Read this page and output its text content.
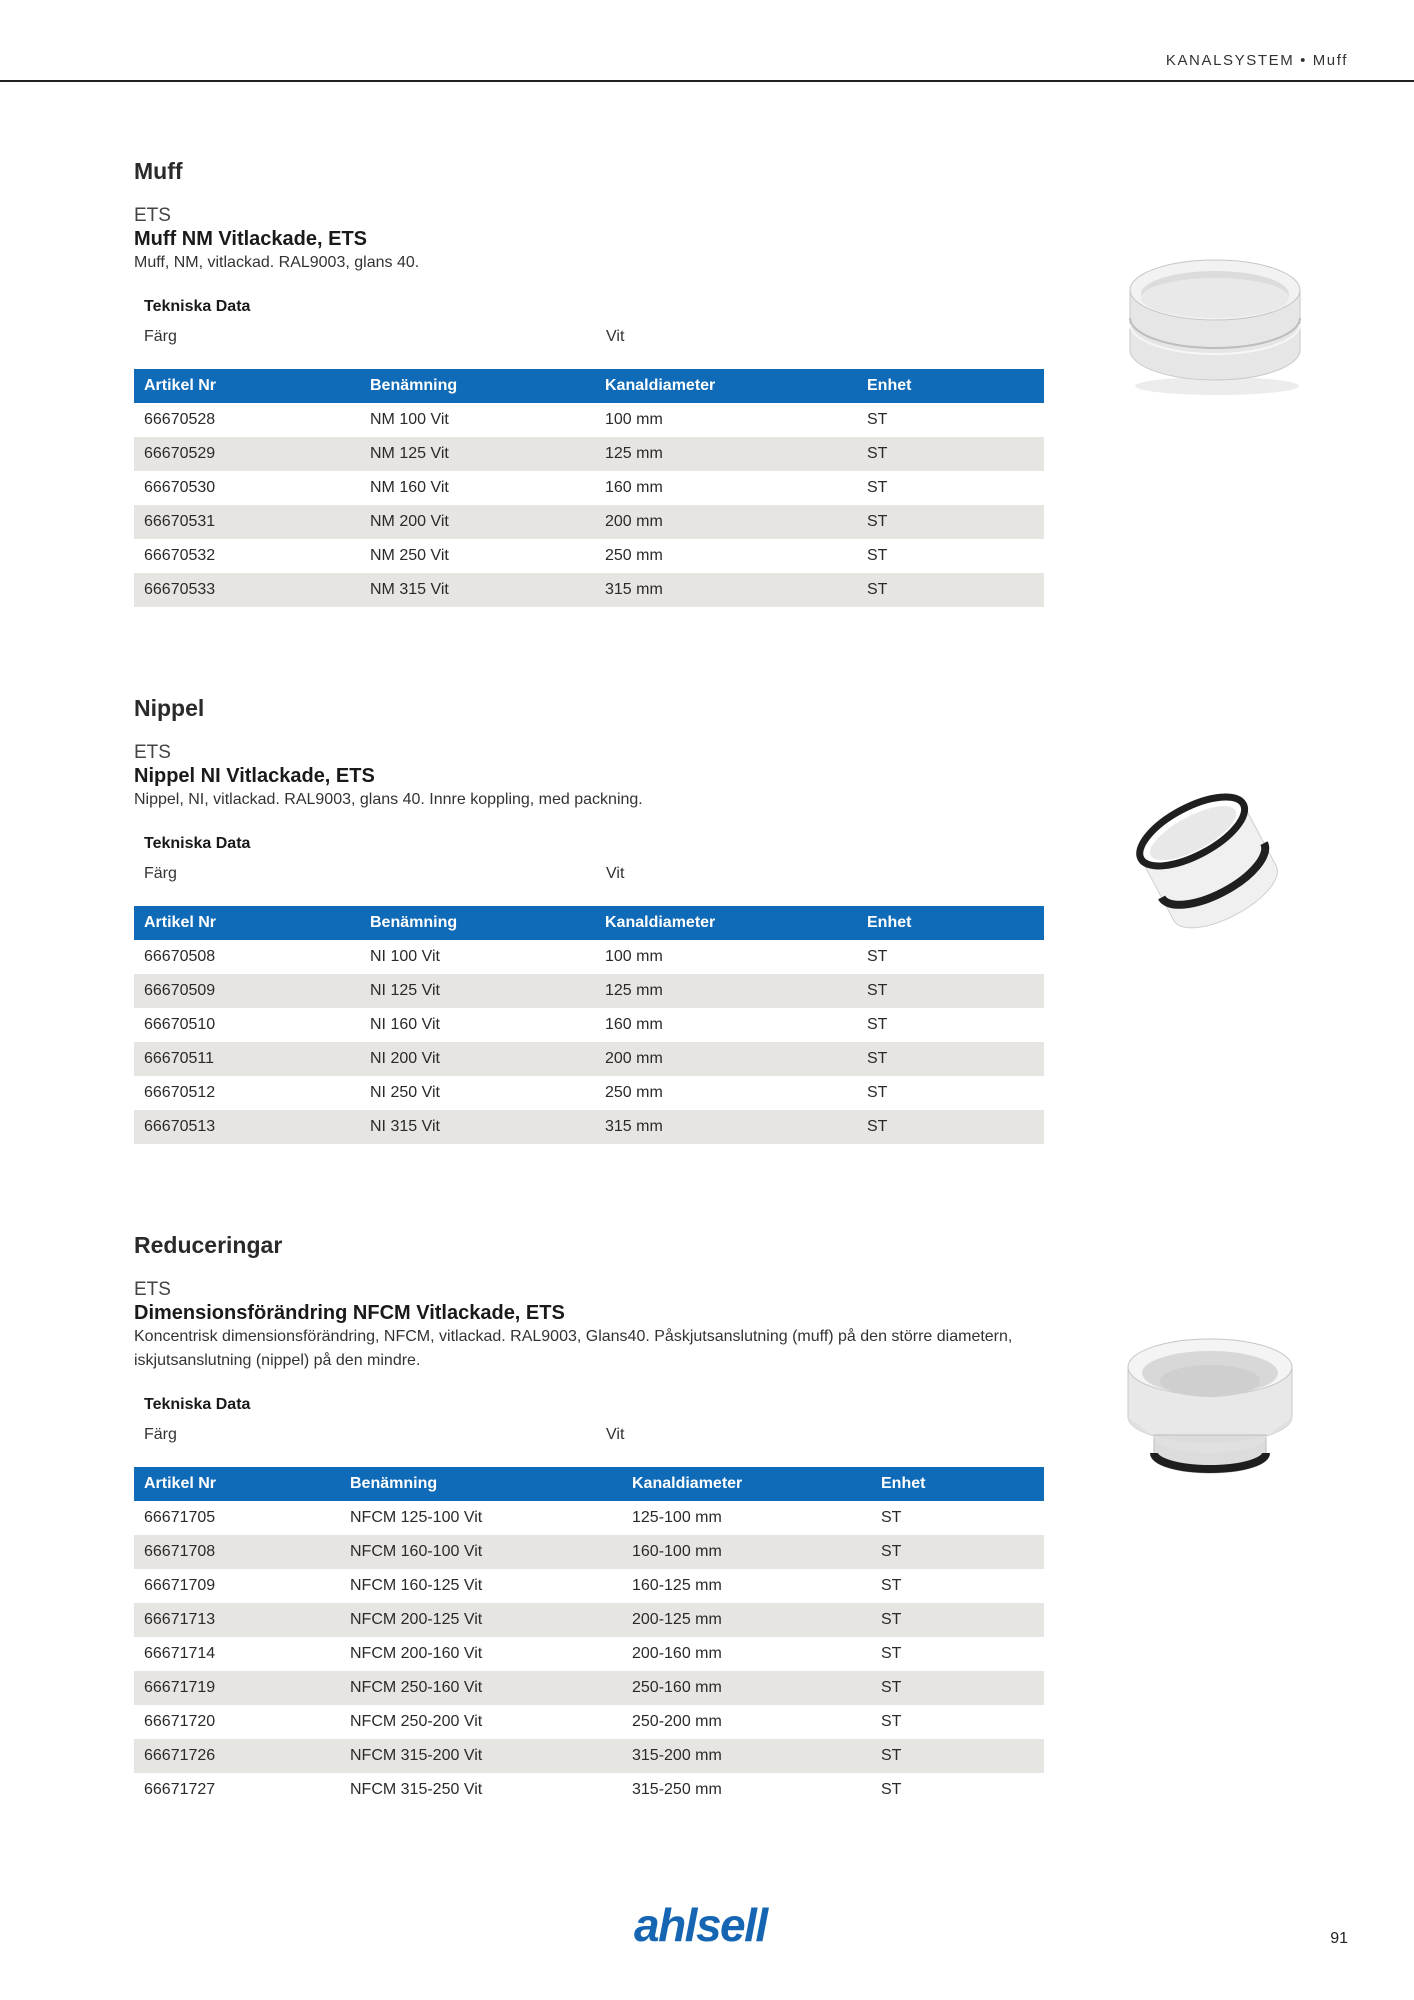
KANALSYSTEM • Muff
Muff
ETS
Muff NM Vitlackade, ETS
Muff, NM, vitlackad. RAL9003, glans 40.
Tekniska Data
Färg	Vit
Artikel Nr	Benämning	Kanaldiameter	Enhet
66670528	NM 100 Vit	100 mm	ST
66670529	NM 125 Vit	125 mm	ST
66670530	NM 160 Vit	160 mm	ST
66670531	NM 200 Vit	200 mm	ST
66670532	NM 250 Vit	250 mm	ST
66670533	NM 315 Vit	315 mm	ST
Nippel
ETS
Nippel NI Vitlackade, ETS
Nippel, NI, vitlackad. RAL9003, glans 40. Innre koppling, med packning.
Tekniska Data
Färg	Vit
Artikel Nr	Benämning	Kanaldiameter	Enhet
66670508	NI 100 Vit	100 mm	ST
66670509	NI 125 Vit	125 mm	ST
66670510	NI 160 Vit	160 mm	ST
66670511	NI 200 Vit	200 mm	ST
66670512	NI 250 Vit	250 mm	ST
66670513	NI 315 Vit	315 mm	ST
Reduceringar
ETS
Dimensionsförändring NFCM Vitlackade, ETS
Koncentrisk dimensionsförändring, NFCM, vitlackad. RAL9003, Glans40. Påskjutsanslutning (muff) på den större diametern, iskjutsanslutning (nippel) på den mindre.
Tekniska Data
Färg	Vit
Artikel Nr	Benämning	Kanaldiameter	Enhet
66671705	NFCM 125-100 Vit	125-100 mm	ST
66671708	NFCM 160-100 Vit	160-100 mm	ST
66671709	NFCM 160-125 Vit	160-125 mm	ST
66671713	NFCM 200-125 Vit	200-125 mm	ST
66671714	NFCM 200-160 Vit	200-160 mm	ST
66671719	NFCM 250-160 Vit	250-160 mm	ST
66671720	NFCM 250-200 Vit	250-200 mm	ST
66671726	NFCM 315-200 Vit	315-200 mm	ST
66671727	NFCM 315-250 Vit	315-250 mm	ST
ahlsell	91
